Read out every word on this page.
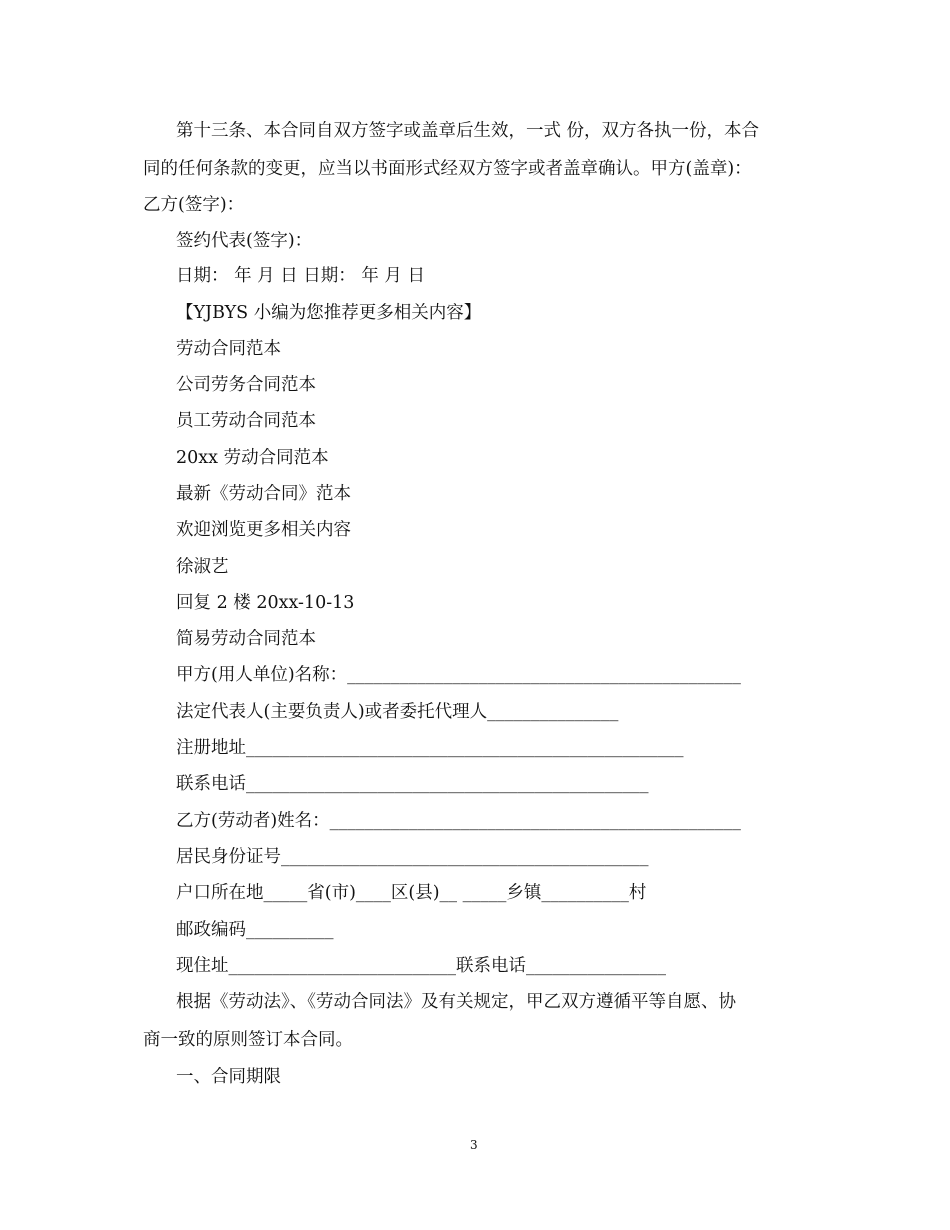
第十三条、本合同自双方签字或盖章后生效，一式 份，双方各执一份，本合
同的任何条款的变更，应当以书面形式经双方签字或者盖章确认。甲方(盖章)：
乙方(签字)：
签约代表(签字)：
日期： 年 月 日 日期： 年 月 日
【YJBYS 小编为您推荐更多相关内容】
劳动合同范本
公司劳务合同范本
员工劳动合同范本
20xx 劳动合同范本
最新《劳动合同》范本
欢迎浏览更多相关内容
徐淑艺
回复 2 楼 20xx-10-13
简易劳动合同范本
甲方(用人单位)名称：_____________________________________________
法定代表人(主要负责人)或者委托代理人_______________
注册地址__________________________________________________
联系电话______________________________________________
乙方(劳动者)姓名：_______________________________________________
居民身份证号__________________________________________
户口所在地_____省(市)____区(县)__ _____乡镇__________村
邮政编码__________
现住址__________________________联系电话________________
根据《劳动法》、《劳动合同法》及有关规定，甲乙双方遵循平等自愿、协
商一致的原则签订本合同。
一、合同期限
3
